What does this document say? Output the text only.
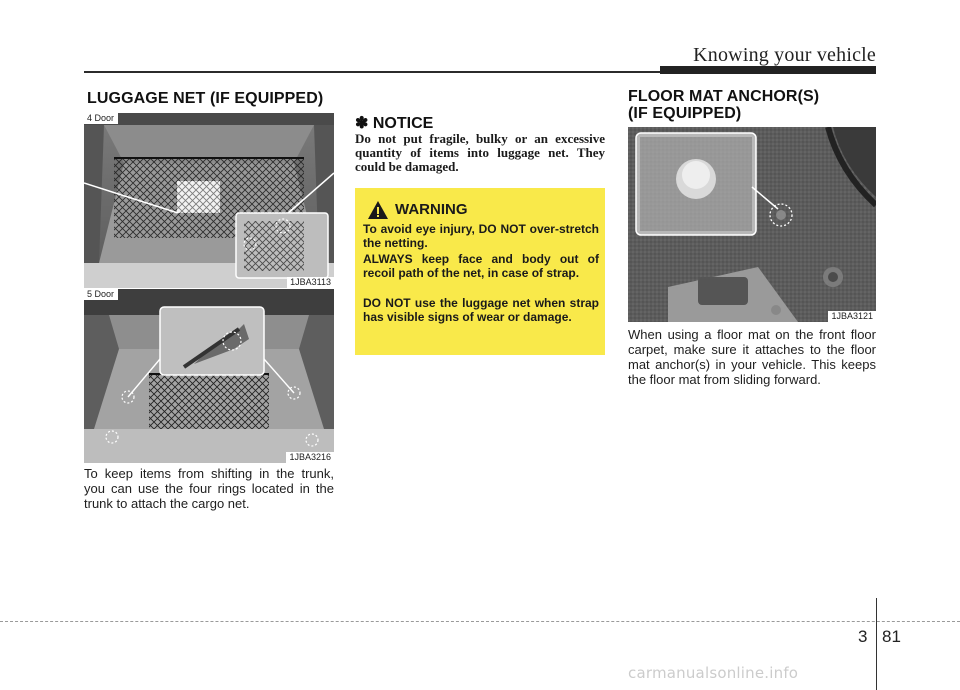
Knowing your vehicle
LUGGAGE NET (IF EQUIPPED)
4 Door
1JBA3113
5 Door
1JBA3216
To keep items from shifting in the trunk, you can use the four rings located in the trunk to attach the cargo net.
✽ NOTICE
Do not put fragile, bulky or an excessive quantity of items into luggage net. They could be damaged.
WARNING
To avoid eye injury, DO NOT over-stretch the netting.
ALWAYS keep face and body out of recoil path of the net, in case of strap.
DO NOT use the luggage net when strap has visible signs of wear or damage.
FLOOR MAT ANCHOR(S)
(IF EQUIPPED)
1JBA3121
When using a floor mat on the front floor carpet, make sure it attaches to the floor mat anchor(s) in your vehicle. This keeps the floor mat from sliding forward.
3 81
carmanualsonline.info
